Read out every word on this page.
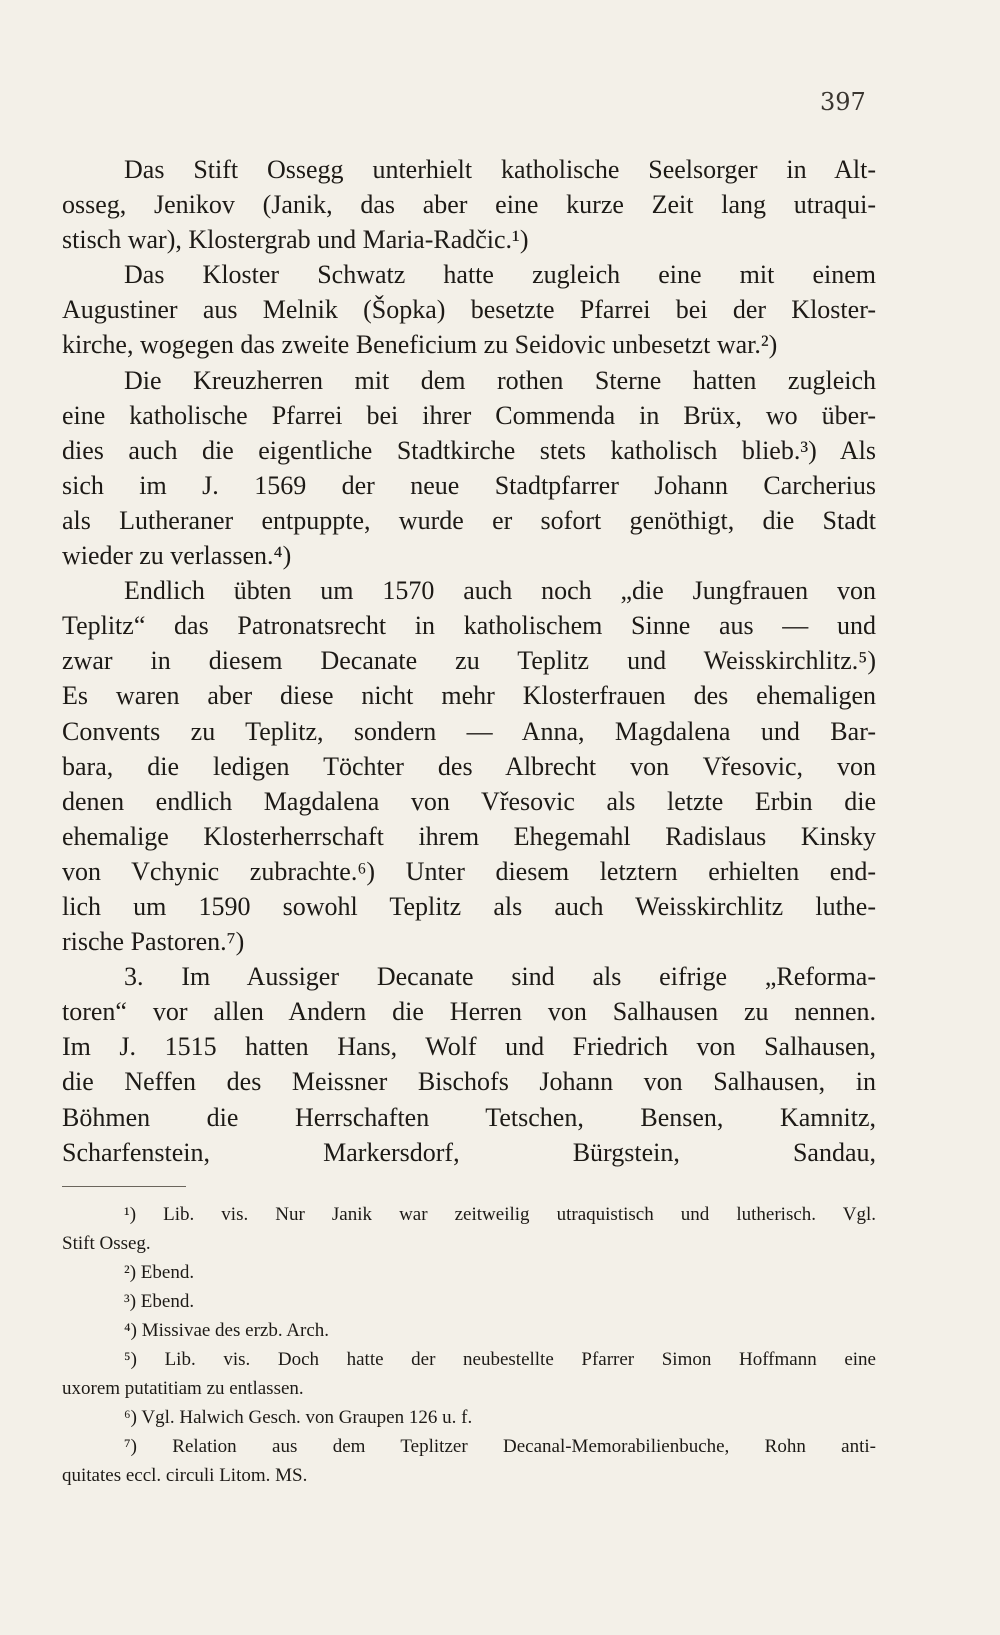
397
Das Stift Ossegg unterhielt katholische Seelsorger in Alt-
osseg, Jenikov (Janik, das aber eine kurze Zeit lang utraqui-
stisch war), Klostergrab und Maria-Radčic.¹)
Das Kloster Schwatz hatte zugleich eine mit einem
Augustiner aus Melnik (Šopka) besetzte Pfarrei bei der Kloster-
kirche, wogegen das zweite Beneficium zu Seidovic unbesetzt war.²)
Die Kreuzherren mit dem rothen Sterne hatten zugleich
eine katholische Pfarrei bei ihrer Commenda in Brüx, wo über-
dies auch die eigentliche Stadtkirche stets katholisch blieb.³) Als
sich im J. 1569 der neue Stadtpfarrer Johann Carcherius
als Lutheraner entpuppte, wurde er sofort genöthigt, die Stadt
wieder zu verlassen.⁴)
Endlich übten um 1570 auch noch „die Jungfrauen von
Teplitz“ das Patronatsrecht in katholischem Sinne aus — und
zwar in diesem Decanate zu Teplitz und Weisskirchlitz.⁵)
Es waren aber diese nicht mehr Klosterfrauen des ehemaligen
Convents zu Teplitz, sondern — Anna, Magdalena und Bar-
bara, die ledigen Töchter des Albrecht von Vřesovic, von
denen endlich Magdalena von Vřesovic als letzte Erbin die
ehemalige Klosterherrschaft ihrem Ehegemahl Radislaus Kinsky
von Vchynic zubrachte.⁶) Unter diesem letztern erhielten end-
lich um 1590 sowohl Teplitz als auch Weisskirchlitz luthe-
rische Pastoren.⁷)
3. Im Aussiger Decanate sind als eifrige „Reforma-
toren“ vor allen Andern die Herren von Salhausen zu nennen.
Im J. 1515 hatten Hans, Wolf und Friedrich von Salhausen,
die Neffen des Meissner Bischofs Johann von Salhausen, in
Böhmen die Herrschaften Tetschen, Bensen, Kamnitz,
Scharfenstein, Markersdorf, Bürgstein, Sandau,
¹) Lib. vis. Nur Janik war zeitweilig utraquistisch und lutherisch. Vgl.
Stift Osseg.
²) Ebend.
³) Ebend.
⁴) Missivae des erzb. Arch.
⁵) Lib. vis. Doch hatte der neubestellte Pfarrer Simon Hoffmann eine
uxorem putatitiam zu entlassen.
⁶) Vgl. Halwich Gesch. von Graupen 126 u. f.
⁷) Relation aus dem Teplitzer Decanal-Memorabilienbuche, Rohn anti-
quitates eccl. circuli Litom. MS.
